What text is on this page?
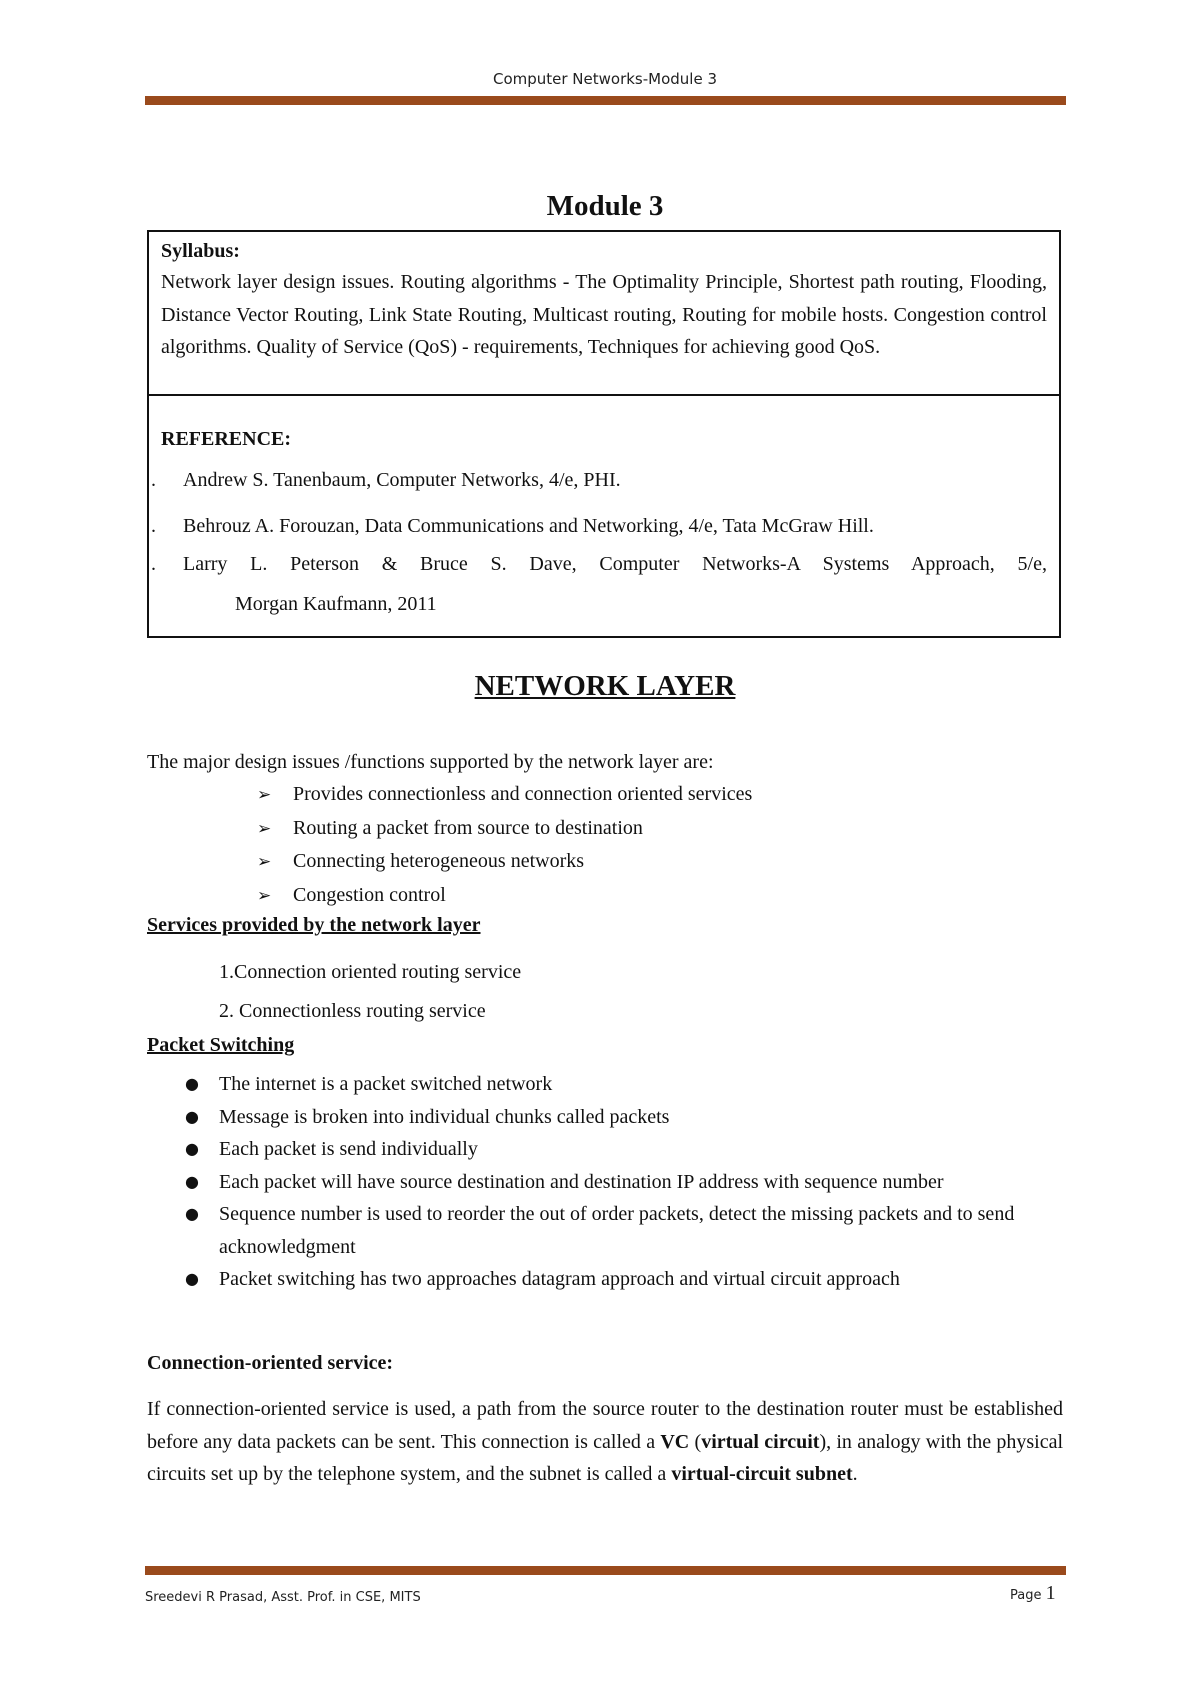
Computer Networks-Module 3
Module 3

Syllabus:

Network layer design issues. Routing algorithms - The Optimality Principle, Shortest path routing, Flooding, Distance Vector Routing, Link State Routing, Multicast routing, Routing for mobile hosts. Congestion control algorithms. Quality of Service (QoS) - requirements, Techniques for achieving good QoS.

REFERENCE:

. Andrew S. Tanenbaum, Computer Networks, 4/e, PHI.
. Behrouz A. Forouzan, Data Communications and Networking, 4/e, Tata McGraw Hill.
. Larry L. Peterson & Bruce S. Dave, Computer Networks-A Systems Approach, 5/e,
Morgan Kaufmann, 2011
NETWORK LAYER
The major design issues /functions supported by the network layer are:
➢ Provides connectionless and connection oriented services
➢ Routing a packet from source to destination
➢ Connecting heterogeneous networks
➢ Congestion control
Services provided by the network layer
1.Connection oriented routing service
2. Connectionless routing service
Packet Switching
● The internet is a packet switched network
● Message is broken into individual chunks called packets
● Each packet is send individually
● Each packet will have source destination and destination IP address with sequence number
● Sequence number is used to reorder the out of order packets, detect the missing packets and to send acknowledgment
● Packet switching has two approaches datagram approach and virtual circuit approach
Connection-oriented service:

If connection-oriented service is used, a path from the source router to the destination router must be established before any data packets can be sent. This connection is called a VC (virtual circuit), in analogy with the physical circuits set up by the telephone system, and the subnet is called a virtual-circuit subnet.

Sreedevi R Prasad, Asst. Prof. in CSE, MITS	Page 1
